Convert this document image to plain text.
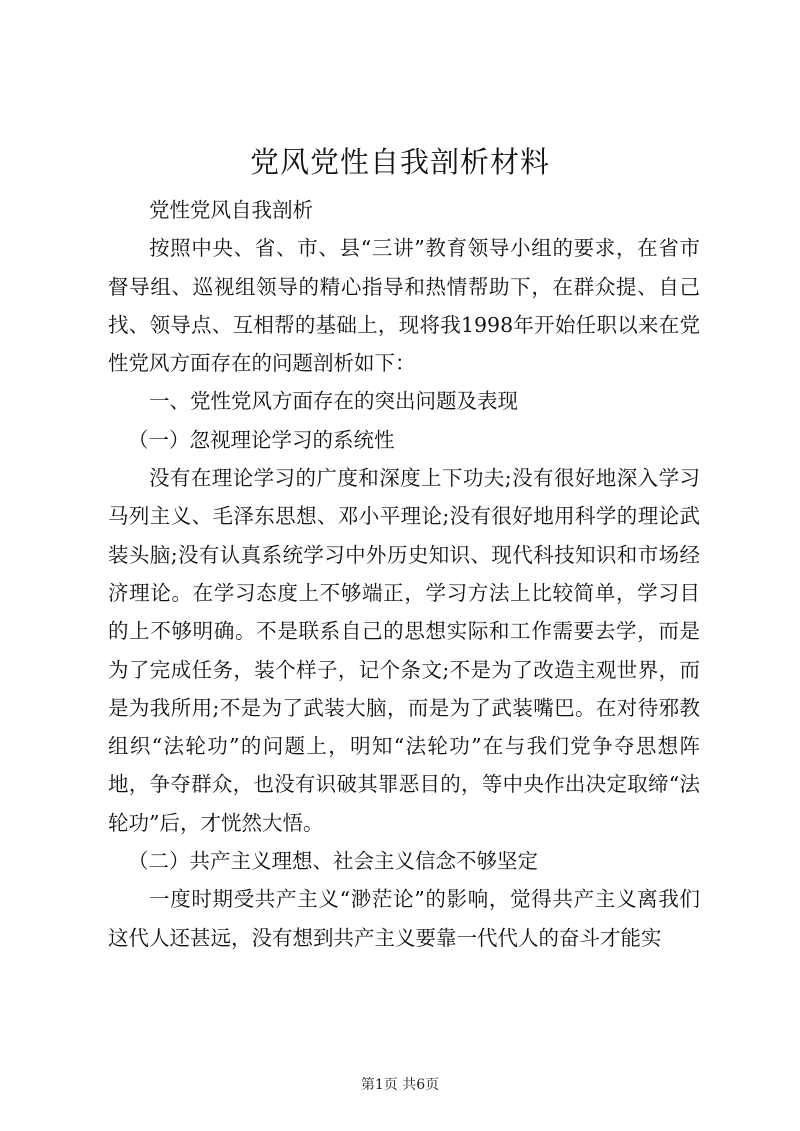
党风党性自我剖析材料

党性党风自我剖析

按照中央、省、市、县“三讲”教育领导小组的要求，在省市督导组、巡视组领导的精心指导和热情帮助下，在群众提、自己找、领导点、互相帮的基础上，现将我1998年开始任职以来在党性党风方面存在的问题剖析如下：

一、党性党风方面存在的突出问题及表现

（一）忽视理论学习的系统性

没有在理论学习的广度和深度上下功夫;没有很好地深入学习马列主义、毛泽东思想、邓小平理论;没有很好地用科学的理论武装头脑;没有认真系统学习中外历史知识、现代科技知识和市场经济理论。在学习态度上不够端正，学习方法上比较简单，学习目的上不够明确。不是联系自己的思想实际和工作需要去学，而是为了完成任务，装个样子，记个条文;不是为了改造主观世界，而是为我所用;不是为了武装大脑，而是为了武装嘴巴。在对待邪教组织“法轮功”的问题上，明知“法轮功”在与我们党争夺思想阵地，争夺群众，也没有识破其罪恶目的，等中央作出决定取缔“法轮功”后，才恍然大悟。

（二）共产主义理想、社会主义信念不够坚定

一度时期受共产主义“渺茫论”的影响，觉得共产主义离我们这代人还甚远，没有想到共产主义要靠一代代人的奋斗才能实

第1页 共6页
